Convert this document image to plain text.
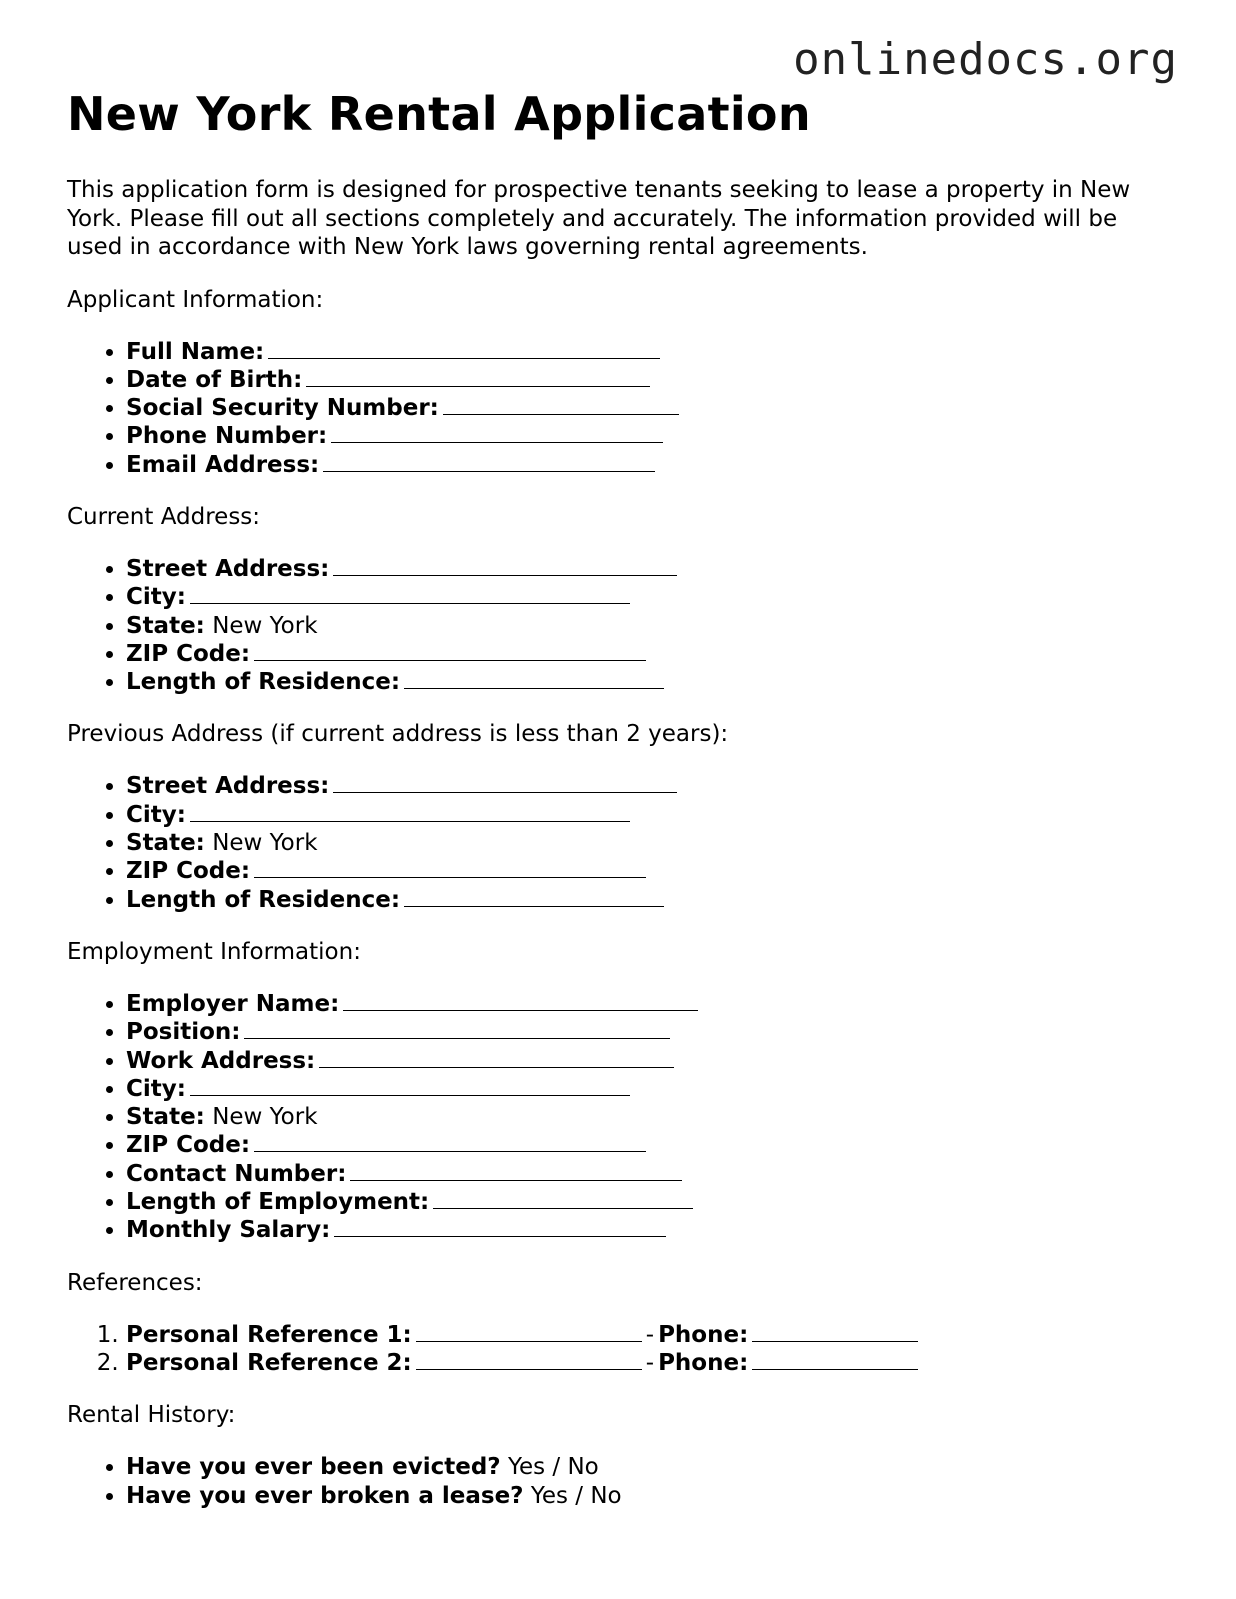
onlinedocs.org
New York Rental Application

This application form is designed for prospective tenants seeking to lease a property in New York. Please fill out all sections completely and accurately. The information provided will be used in accordance with New York laws governing rental agreements.

Applicant Information:

• Full Name:
• Date of Birth:
• Social Security Number:
• Phone Number:
• Email Address:

Current Address:

• Street Address:
• City:
• State: New York
• ZIP Code:
• Length of Residence:

Previous Address (if current address is less than 2 years):

• Street Address:
• City:
• State: New York
• ZIP Code:
• Length of Residence:

Employment Information:

• Employer Name:
• Position:
• Work Address:
• City:
• State: New York
• ZIP Code:
• Contact Number:
• Length of Employment:
• Monthly Salary:

References:

1. Personal Reference 1:	- Phone:
2. Personal Reference 2:	- Phone:

Rental History:

• Have you ever been evicted? Yes / No
• Have you ever broken a lease? Yes / No
